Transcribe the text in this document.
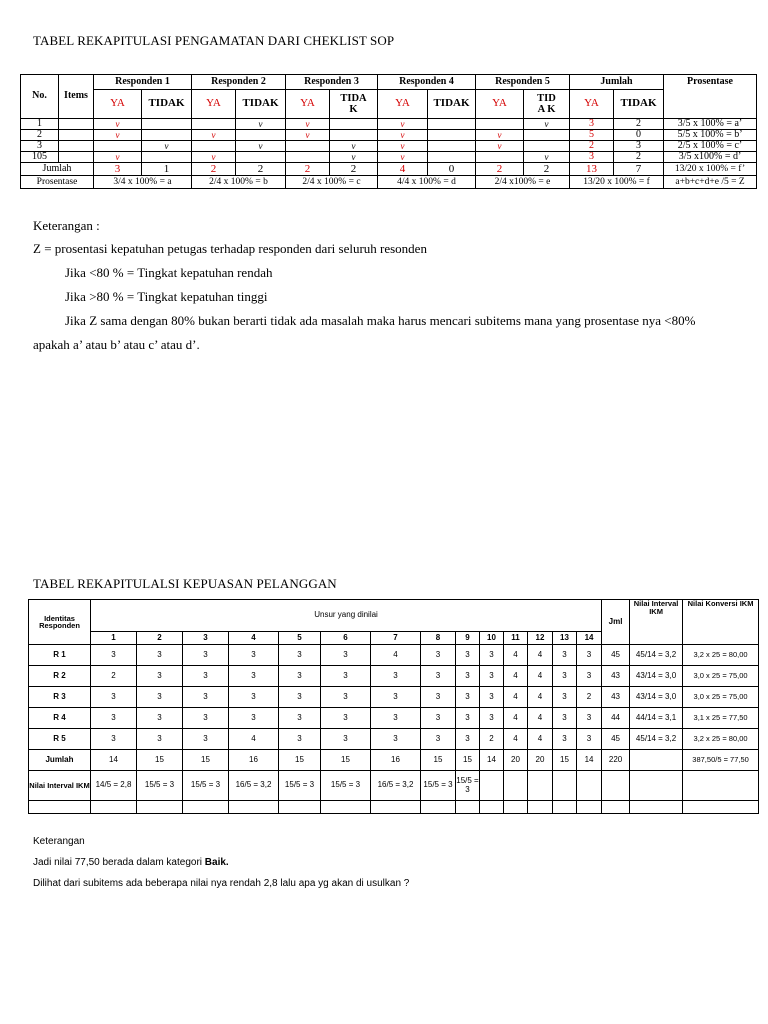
TABEL REKAPITULASI PENGAMATAN DARI CHEKLIST SOP
No.	Items	Responden 1		Responden 2		Responden 3		Responden 4		Responden 5		Jumlah		Prosentase
		YA	TIDAK	YA	TIDAK	YA	TIDA K	YA	TIDAK	YA	TIDA K	YA	TIDAK	
1		v			v	v		v			v	3	2	3/5 x 100% = a’
2		v		v		v		v		v		5	0	5/5 x 100% = b’
3			v		v		v	v		v		2	3	2/5 x 100% = c’
105		v		v			v	v			v	3	2	3/5 x100% = d’
Jumlah		3	1	2	2	2	2	4	0	2	2	13	7	13/20 x 100% = f’
Prosentase		3/4 x 100% = a		2/4 x 100% = b		2/4 x 100% = c		4/4 x 100% = d		2/4 x100% = e		13/20 x 100% = f		a+b+c+d+e /5 = Z
Keterangan :
Z = prosentasi kepatuhan petugas terhadap responden dari seluruh resonden
Jika <80 % = Tingkat kepatuhan rendah
Jika >80 % = Tingkat kepatuhan tinggi
Jika Z sama dengan 80% bukan berarti tidak ada masalah maka harus mencari subitems mana yang prosentase nya <80%
apakah a’ atau b’ atau c’ atau d’.
TABEL REKAPITULALSI KEPUASAN PELANGGAN
Identitas Responden	Unsur yang dinilai														Jml	Nilai Interval IKM	Nilai Konversi IKM
	1	2	3	4	5	6	7	8	9	10	11	12	13	14			
R 1	3	3	3	3	3	3	4	3	3	3	4	4	3	3	45	45/14 = 3,2	3,2 x 25 = 80,00
R 2	2	3	3	3	3	3	3	3	3	3	4	4	3	3	43	43/14 = 3,0	3,0 x 25 = 75,00
R 3	3	3	3	3	3	3	3	3	3	3	4	4	3	2	43	43/14 = 3,0	3,0 x 25 = 75,00
R 4	3	3	3	3	3	3	3	3	3	3	4	4	3	3	44	44/14 = 3,1	3,1 x 25 = 77,50
R 5	3	3	3	4	3	3	3	3	3	2	4	4	3	3	45	45/14 = 3,2	3,2 x 25 = 80,00
Jumlah	14	15	15	16	15	15	16	15	15	14	20	20	15	14	220		387,50/5 = 77,50
Nilai Interval IKM	14/5 = 2,8	15/5 = 3	15/5 = 3	16/5 = 3,2	15/5 = 3	15/5 = 3	16/5 = 3,2	15/5 = 3	15/5 = 3								

Keterangan
Jadi nilai 77,50 berada dalam kategori Baik.
Dilihat dari subitems ada beberapa nilai nya rendah 2,8 lalu apa yg akan di usulkan ?
